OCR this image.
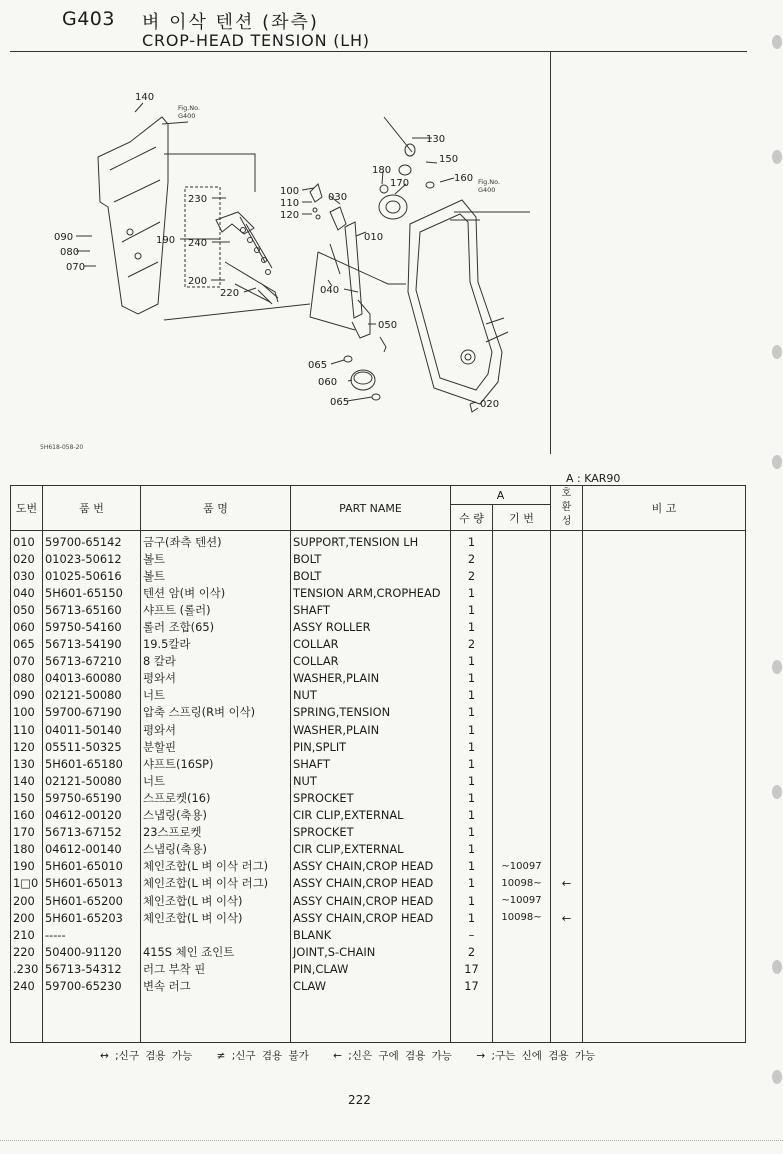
G403 벼 이삭 텐션 (좌측)
CROP-HEAD TENSION (LH)
140
130
150
160
170
180
100
110
120
030
010
230
190 240
200
220
090
080
070
040
050
065
060
065	020
Fig.No. G400
Fig.No. G400
5H618-058-20
A : KAR90
도번	품 번	품 명	PART NAME	A		호
환
성	비 고
				수 량	기 번		
010	59700-65142	금구(좌측 텐션)	SUPPORT,TENSION LH	1			
020	01023-50612	볼트	BOLT	2			
030	01025-50616	볼트	BOLT	2			
040	5H601-65150	텐션 암(벼 이삭)	TENSION ARM,CROPHEAD	1			
050	56713-65160	샤프트 (롤러)	SHAFT	1			
060	59750-54160	롤러 조합(65)	ASSY ROLLER	1			
065	56713-54190	19.5칼라	COLLAR	2			
070	56713-67210	8 칼라	COLLAR	1			
080	04013-60080	평와셔	WASHER,PLAIN	1			
090	02121-50080	너트	NUT	1			
100	59700-67190	압축 스프링(R벼 이삭)	SPRING,TENSION	1			
110	04011-50140	평와셔	WASHER,PLAIN	1			
120	05511-50325	분할핀	PIN,SPLIT	1			
130	5H601-65180	샤프트(16SP)	SHAFT	1			
140	02121-50080	너트	NUT	1			
150	59750-65190	스프로켓(16)	SPROCKET	1			
160	04612-00120	스냅링(축용)	CIR CLIP,EXTERNAL	1			
170	56713-67152	23스프로켓	SPROCKET	1			
180	04612-00140	스냅링(축용)	CIR CLIP,EXTERNAL	1			
190	5H601-65010	체인조합(L 벼 이삭 러그)	ASSY CHAIN,CROP HEAD	1	~10097		
1□0	5H601-65013	체인조합(L 벼 이삭 러그)	ASSY CHAIN,CROP HEAD	1	10098~	←	
200	5H601-65200	체인조합(L 벼 이삭)	ASSY CHAIN,CROP HEAD	1	~10097		
200	5H601-65203	체인조합(L 벼 이삭)	ASSY CHAIN,CROP HEAD	1	10098~	←	
210	-----		BLANK	–			
220	50400-91120	415S 체인 죠인트	JOINT,S-CHAIN	2			
.230	56713-54312	러그 부착 핀	PIN,CLAW	17			
240	59700-65230	변속 러그	CLAW	17			

↔ ;신구 겸용 가능 ≠ ;신구 겸용 불가 ← ;신은 구에 겸용 가능 → ;구는 신에 겸용 가능
222
